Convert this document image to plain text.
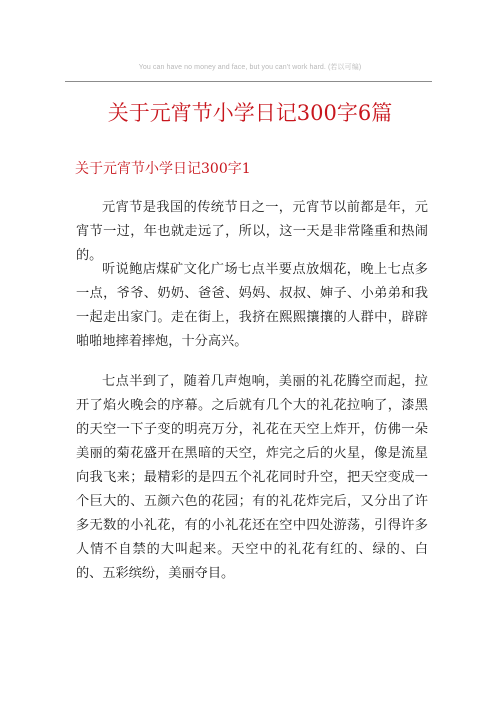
You can have no money and face, but you can't work hard. (若以可编)
关于元宵节小学日记300字6篇
关于元宵节小学日记300字1

元宵节是我国的传统节日之一，元宵节以前都是年，元宵节一过，年也就走远了，所以，这一天是非常隆重和热闹的。

听说鲍店煤矿文化广场七点半要点放烟花，晚上七点多一点，爷爷、奶奶、爸爸、妈妈、叔叔、婶子、小弟弟和我一起走出家门。走在街上，我挤在熙熙攘攘的人群中，辟辟啪啪地摔着摔炮，十分高兴。

七点半到了，随着几声炮响，美丽的礼花腾空而起，拉开了焰火晚会的序幕。之后就有几个大的礼花拉响了，漆黑的天空一下子变的明亮万分，礼花在天空上炸开，仿佛一朵美丽的菊花盛开在黑暗的天空，炸完之后的火星，像是流星向我飞来；最精彩的是四五个礼花同时升空，把天空变成一个巨大的、五颜六色的花园；有的礼花炸完后，又分出了许多无数的小礼花，有的小礼花还在空中四处游荡，引得许多人情不自禁的大叫起来。天空中的礼花有红的、绿的、白的、五彩缤纷，美丽夺目。
